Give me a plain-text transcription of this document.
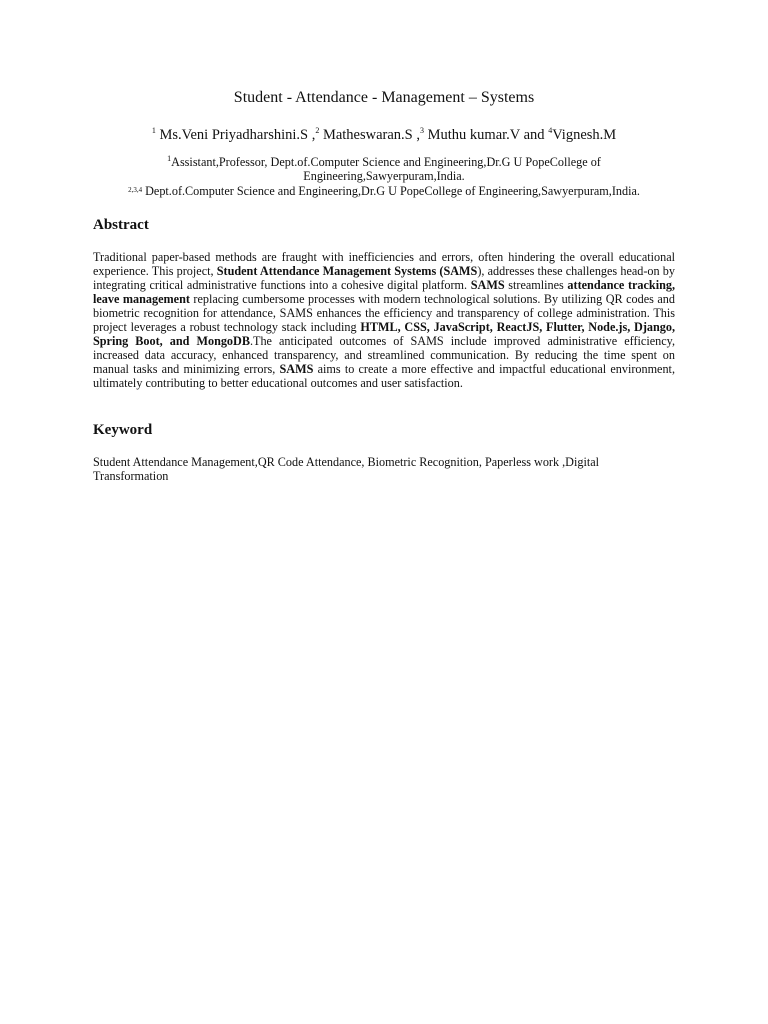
Student - Attendance - Management – Systems
$^1$ Ms.Veni Priyadharshini.S ,$^2$ Matheswaran.S ,$^3$ Muthu kumar.V and $^4$Vignesh.M
$^1$Assistant,Professor, Dept.of.Computer Science and Engineering,Dr.G U PopeCollege of Engineering,Sawyerpuram,India.
$^{2,3,4}$ Dept.of.Computer Science and Engineering,Dr.G U PopeCollege of Engineering,Sawyerpuram,India.
Abstract
Traditional paper-based methods are fraught with inefficiencies and errors, often hindering the overall educational experience. This project, Student Attendance Management Systems (SAMS), addresses these challenges head-on by integrating critical administrative functions into a cohesive digital platform. SAMS streamlines attendance tracking, leave management replacing cumbersome processes with modern technological solutions. By utilizing QR codes and biometric recognition for attendance, SAMS enhances the efficiency and transparency of college administration. This project leverages a robust technology stack including HTML, CSS, JavaScript, ReactJS, Flutter, Node.js, Django, Spring Boot, and MongoDB.The anticipated outcomes of SAMS include improved administrative efficiency, increased data accuracy, enhanced transparency, and streamlined communication. By reducing the time spent on manual tasks and minimizing errors, SAMS aims to create a more effective and impactful educational environment, ultimately contributing to better educational outcomes and user satisfaction.
Keyword
Student Attendance Management,QR Code Attendance, Biometric Recognition, Paperless work ,Digital Transformation
